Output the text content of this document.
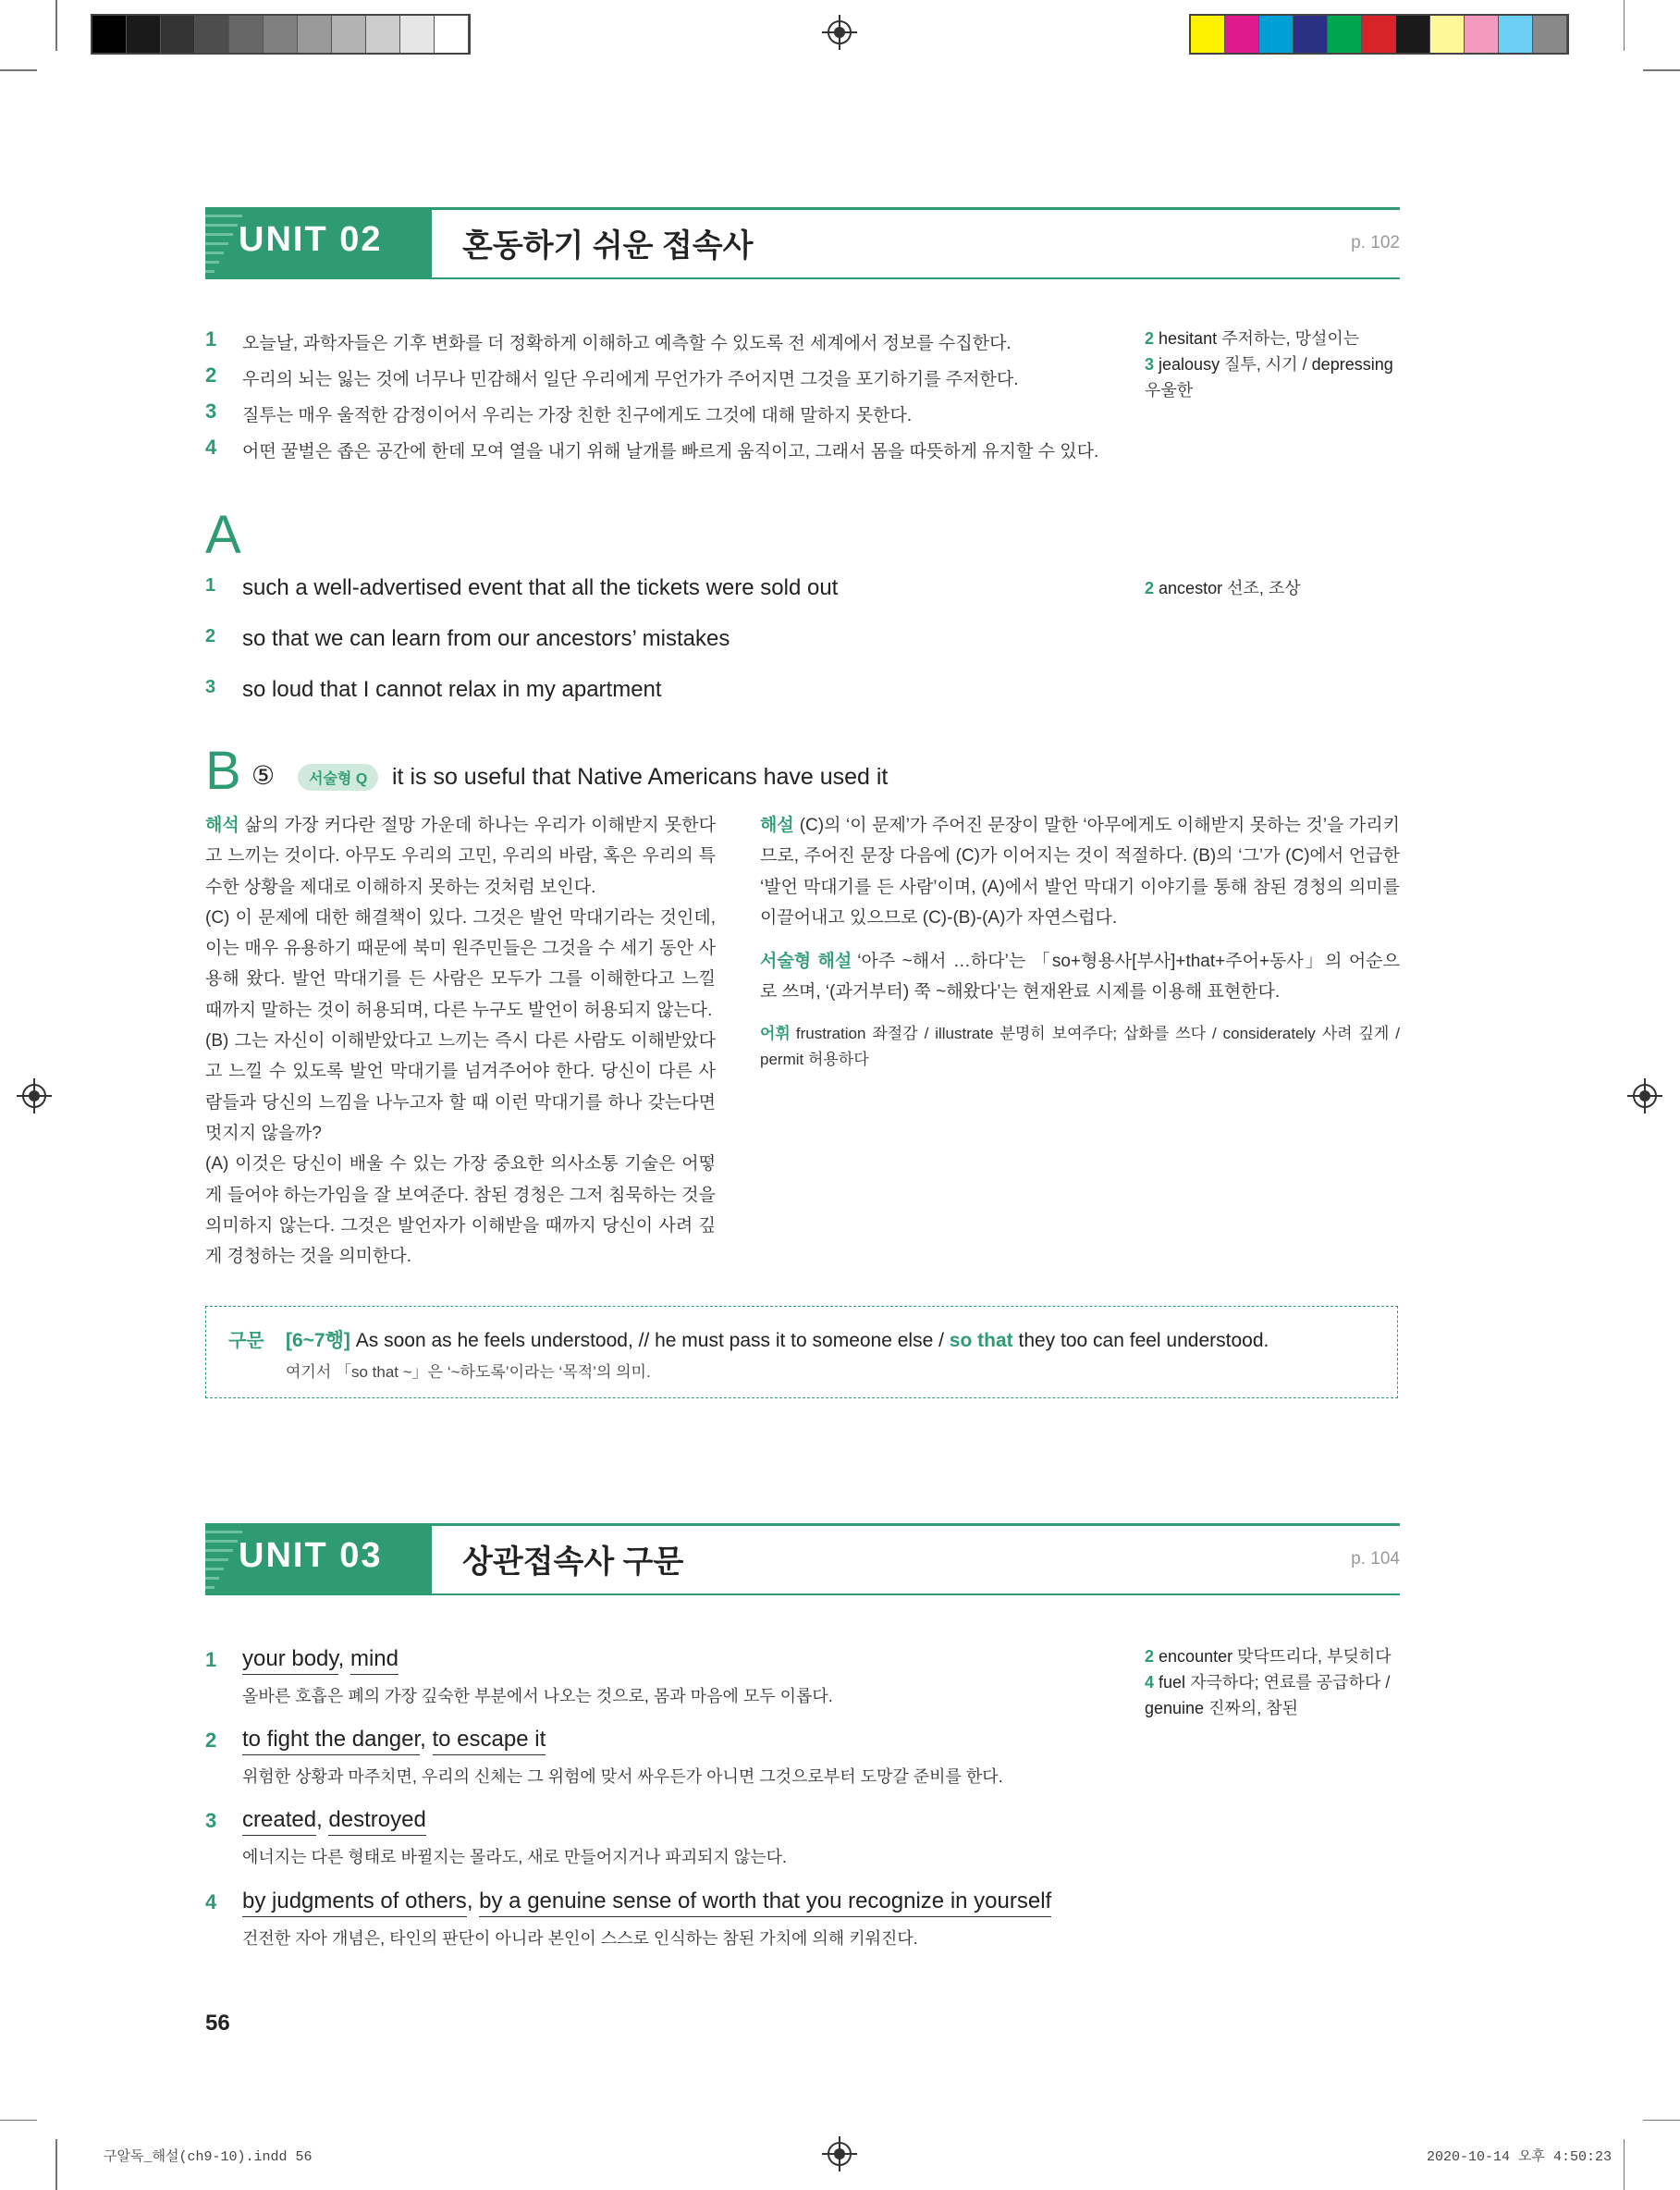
UNIT 02	혼동하기 쉬운 접속사	p. 102
1 오늘날, 과학자들은 기후 변화를 더 정확하게 이해하고 예측할 수 있도록 전 세계에서 정보를 수집한다.
2 우리의 뇌는 잃는 것에 너무나 민감해서 일단 우리에게 무언가가 주어지면 그것을 포기하기를 주저한다.
3 질투는 매우 울적한 감정이어서 우리는 가장 친한 친구에게도 그것에 대해 말하지 못한다.
4 어떤 꿀벌은 좁은 공간에 한데 모여 열을 내기 위해 날개를 빠르게 움직이고, 그래서 몸을 따뜻하게 유지할 수 있다.
2 hesitant 주저하는, 망설이는
3 jealousy 질투, 시기 / depressing
우울한
A
1 such a well-advertised event that all the tickets were sold out
2 so that we can learn from our ancestors’ mistakes
3 so loud that I cannot relax in my apartment
2 ancestor 선조, 조상
B ⑤	서술형 Q	it is so useful that Native Americans have used it

해석 삶의 가장 커다란 절망 가운데 하나는 우리가 이해받지 못한다고 느끼는 것이다. 아무도 우리의 고민, 우리의 바람, 혹은 우리의 특수한 상황을 제대로 이해하지 못하는 것처럼 보인다.

(C) 이 문제에 대한 해결책이 있다. 그것은 발언 막대기라는 것인데, 이는 매우 유용하기 때문에 북미 원주민들은 그것을 수 세기 동안 사용해 왔다. 발언 막대기를 든 사람은 모두가 그를 이해한다고 느낄 때까지 말하는 것이 허용되며, 다른 누구도 발언이 허용되지 않는다.

(B) 그는 자신이 이해받았다고 느끼는 즉시 다른 사람도 이해받았다고 느낄 수 있도록 발언 막대기를 넘겨주어야 한다. 당신이 다른 사람들과 당신의 느낌을 나누고자 할 때 이런 막대기를 하나 갖는다면 멋지지 않을까?

(A) 이것은 당신이 배울 수 있는 가장 중요한 의사소통 기술은 어떻게 들어야 하는가임을 잘 보여준다. 참된 경청은 그저 침묵하는 것을 의미하지 않는다. 그것은 발언자가 이해받을 때까지 당신이 사려 깊게 경청하는 것을 의미한다.

해설 (C)의 ‘이 문제’가 주어진 문장이 말한 ‘아무에게도 이해받지 못하는 것’을 가리키므로, 주어진 문장 다음에 (C)가 이어지는 것이 적절하다. (B)의 ‘그’가 (C)에서 언급한 ‘발언 막대기를 든 사람’이며, (A)에서 발언 막대기 이야기를 통해 참된 경청의 의미를 이끌어내고 있으므로 (C)-(B)-(A)가 자연스럽다.

서술형 해설 ‘아주 ~해서 …하다’는 「so+형용사[부사]+that+주어+동사」의 어순으로 쓰며, ‘(과거부터) 쭉 ~해왔다’는 현재완료 시제를 이용해 표현한다.

어휘 frustration 좌절감 / illustrate 분명히 보여주다; 삽화를 쓰다 / considerately 사려 깊게 / permit 허용하다

구문 [6~7행] As soon as he feels understood, // he must pass it to someone else / so that they too can feel understood.
여기서 「so that ~」은 ‘~하도록’이라는 ‘목적’의 의미.
UNIT 03	상관접속사 구문	p. 104
1 your body, mind
올바른 호흡은 폐의 가장 깊숙한 부분에서 나오는 것으로, 몸과 마음에 모두 이롭다.
2 to fight the danger, to escape it
위험한 상황과 마주치면, 우리의 신체는 그 위험에 맞서 싸우든가 아니면 그것으로부터 도망갈 준비를 한다.
3 created, destroyed
에너지는 다른 형태로 바뀔지는 몰라도, 새로 만들어지거나 파괴되지 않는다.
4 by judgments of others, by a genuine sense of worth that you recognize in yourself
건전한 자아 개념은, 타인의 판단이 아니라 본인이 스스로 인식하는 참된 가치에 의해 키워진다.
2 encounter 맞닥뜨리다, 부딪히다
4 fuel 자극하다; 연료를 공급하다 /
genuine 진짜의, 참된
56
구알독_해설(ch9-10).indd 56	2020-10-14 오후 4:50:23
